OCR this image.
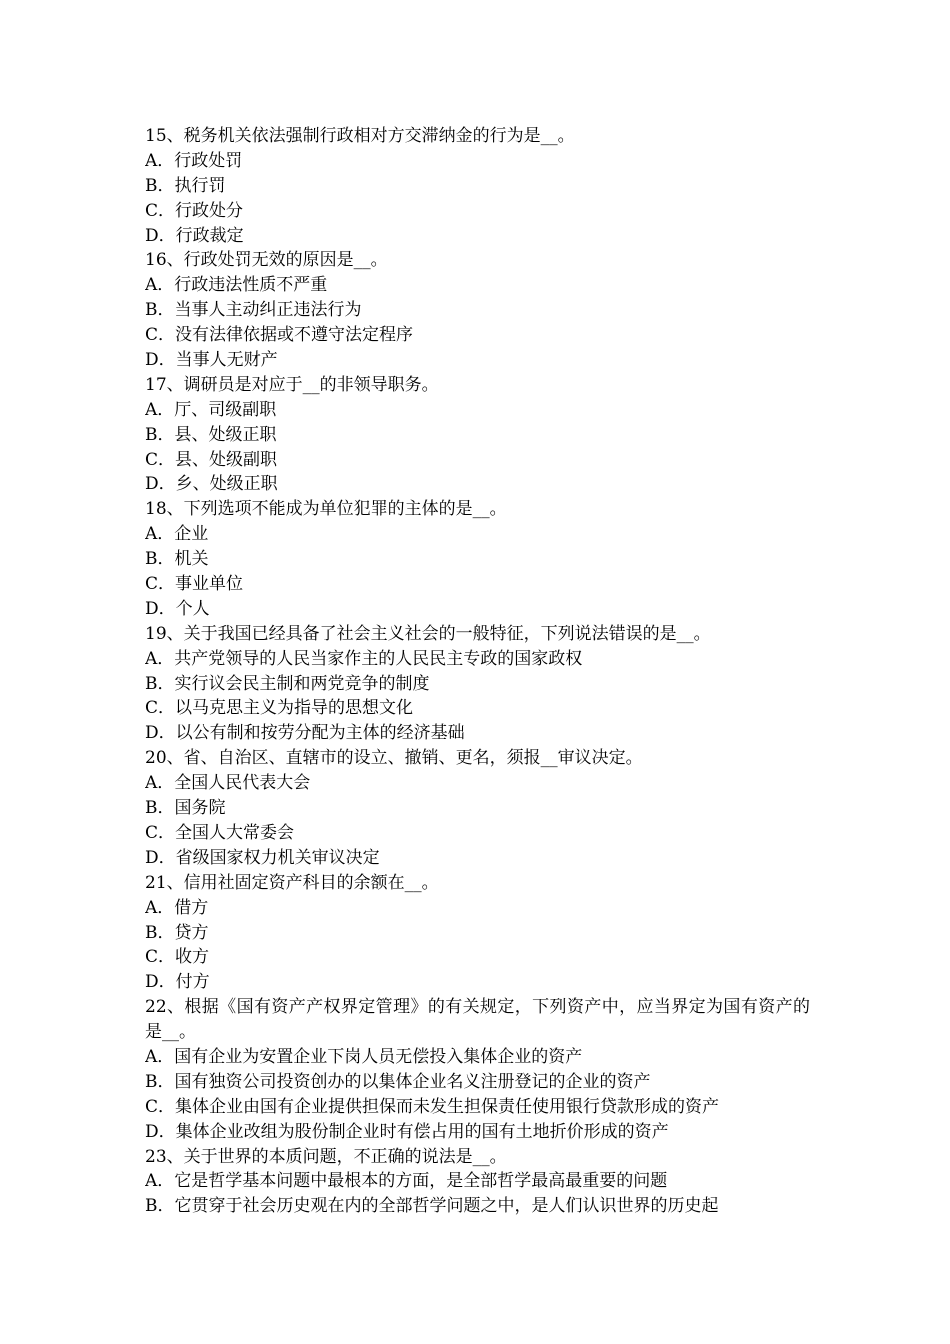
15、税务机关依法强制行政相对方交滞纳金的行为是__。
A．行政处罚
B．执行罚
C．行政处分
D．行政裁定
16、行政处罚无效的原因是__。
A．行政违法性质不严重
B．当事人主动纠正违法行为
C．没有法律依据或不遵守法定程序
D．当事人无财产
17、调研员是对应于__的非领导职务。
A．厅、司级副职
B．县、处级正职
C．县、处级副职
D．乡、处级正职
18、下列选项不能成为单位犯罪的主体的是__。
A．企业
B．机关
C．事业单位
D．个人
19、关于我国已经具备了社会主义社会的一般特征，下列说法错误的是__。
A．共产党领导的人民当家作主的人民民主专政的国家政权
B．实行议会民主制和两党竞争的制度
C．以马克思主义为指导的思想文化
D．以公有制和按劳分配为主体的经济基础
20、省、自治区、直辖市的设立、撤销、更名，须报__审议决定。
A．全国人民代表大会
B．国务院
C．全国人大常委会
D．省级国家权力机关审议决定
21、信用社固定资产科目的余额在__。
A．借方
B．贷方
C．收方
D．付方
22、根据《国有资产产权界定管理》的有关规定，下列资产中，应当界定为国有资产的是__。
A．国有企业为安置企业下岗人员无偿投入集体企业的资产
B．国有独资公司投资创办的以集体企业名义注册登记的企业的资产
C．集体企业由国有企业提供担保而未发生担保责任使用银行贷款形成的资产
D．集体企业改组为股份制企业时有偿占用的国有土地折价形成的资产
23、关于世界的本质问题，不正确的说法是__。
A．它是哲学基本问题中最根本的方面，是全部哲学最高最重要的问题
B．它贯穿于社会历史观在内的全部哲学问题之中，是人们认识世界的历史起
